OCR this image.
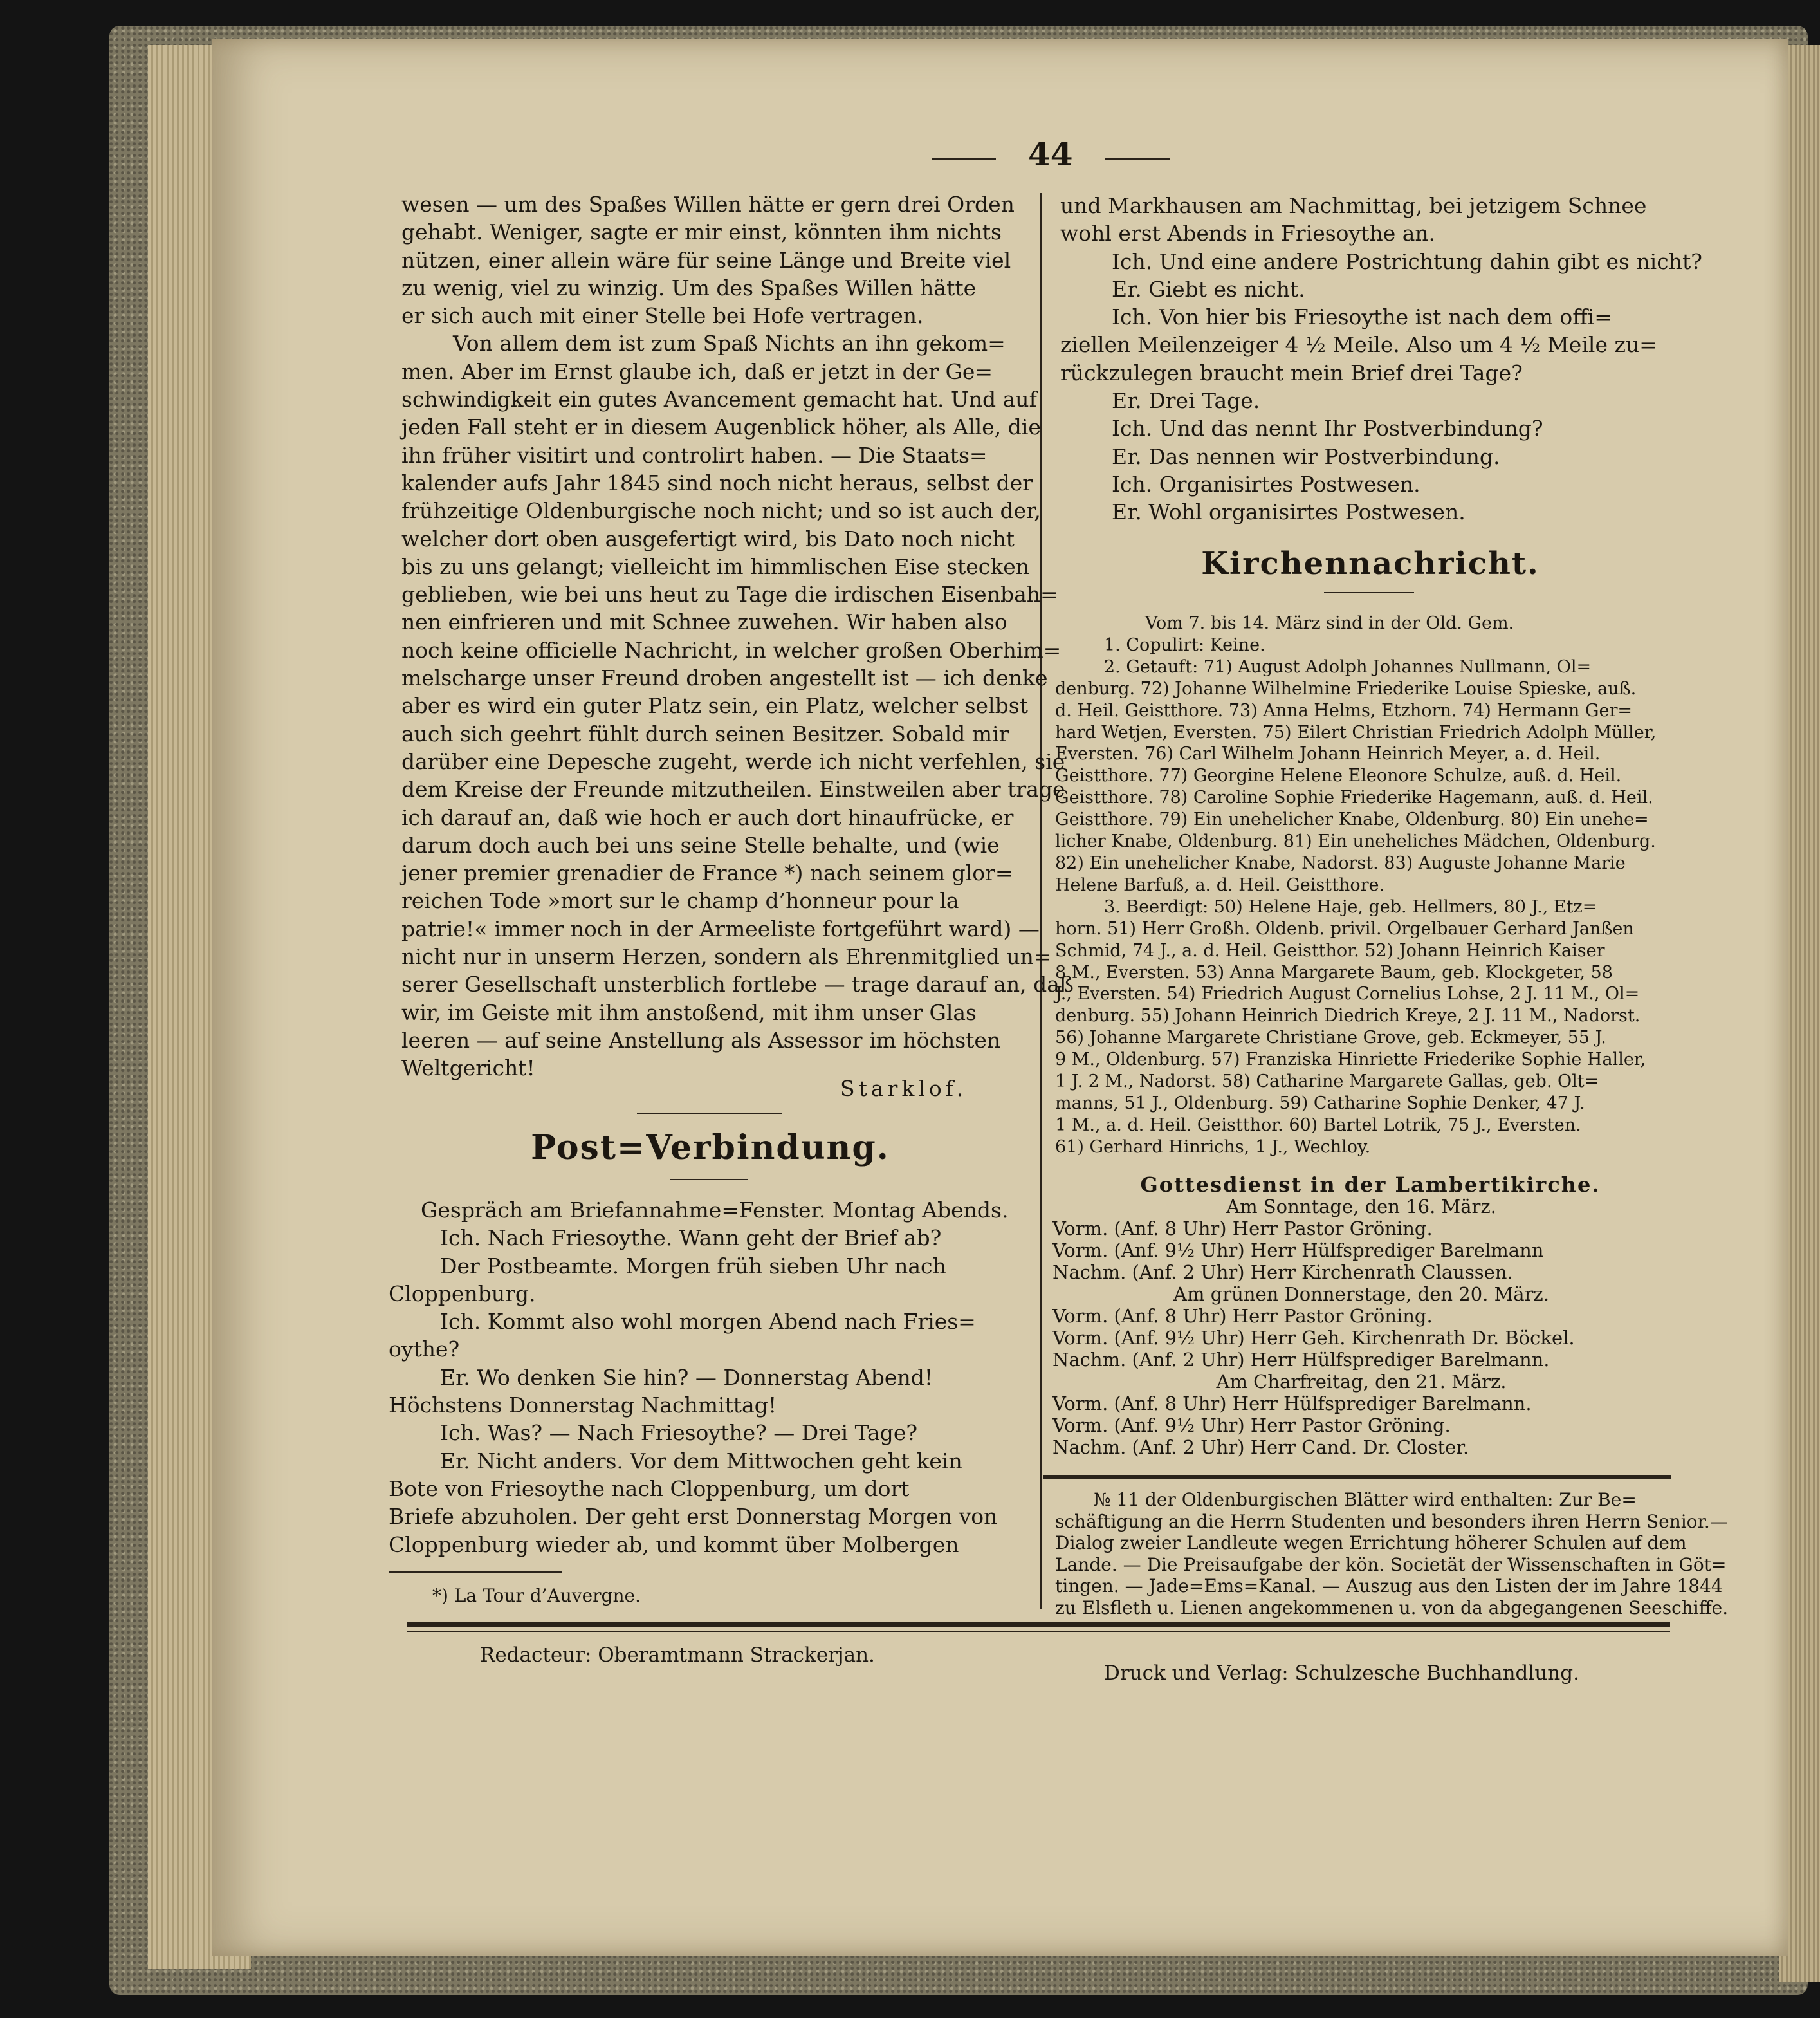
44

wesen — um des Spaßes Willen hätte er gern drei Orden

gehabt. Weniger, sagte er mir einst, könnten ihm nichts

nützen, einer allein wäre für seine Länge und Breite viel

zu wenig, viel zu winzig. Um des Spaßes Willen hätte

er sich auch mit einer Stelle bei Hofe vertragen.

Von allem dem ist zum Spaß Nichts an ihn gekom=

men. Aber im Ernst glaube ich, daß er jetzt in der Ge=

schwindigkeit ein gutes Avancement gemacht hat. Und auf

jeden Fall steht er in diesem Augenblick höher, als Alle, die

ihn früher visitirt und controlirt haben. — Die Staats=

kalender aufs Jahr 1845 sind noch nicht heraus, selbst der

frühzeitige Oldenburgische noch nicht; und so ist auch der,

welcher dort oben ausgefertigt wird, bis Dato noch nicht

bis zu uns gelangt; vielleicht im himmlischen Eise stecken

geblieben, wie bei uns heut zu Tage die irdischen Eisenbah=

nen einfrieren und mit Schnee zuwehen. Wir haben also

noch keine officielle Nachricht, in welcher großen Oberhim=

melscharge unser Freund droben angestellt ist — ich denke

aber es wird ein guter Platz sein, ein Platz, welcher selbst

auch sich geehrt fühlt durch seinen Besitzer. Sobald mir

darüber eine Depesche zugeht, werde ich nicht verfehlen, sie

dem Kreise der Freunde mitzutheilen. Einstweilen aber trage

ich darauf an, daß wie hoch er auch dort hinaufrücke, er

darum doch auch bei uns seine Stelle behalte, und (wie

jener premier grenadier de France *) nach seinem glor=

reichen Tode »mort sur le champ d’honneur pour la

patrie!« immer noch in der Armeeliste fortgeführt ward) —

nicht nur in unserm Herzen, sondern als Ehrenmitglied un=

serer Gesellschaft unsterblich fortlebe — trage darauf an, daß

wir, im Geiste mit ihm anstoßend, mit ihm unser Glas

leeren — auf seine Anstellung als Assessor im höchsten

Weltgericht!

Starklof.
Post=Verbindung.

Gespräch am Briefannahme=Fenster. Montag Abends.

Ich. Nach Friesoythe. Wann geht der Brief ab?

Der Postbeamte. Morgen früh sieben Uhr nach

Cloppenburg.

Ich. Kommt also wohl morgen Abend nach Fries=

oythe?

Er. Wo denken Sie hin? — Donnerstag Abend!

Höchstens Donnerstag Nachmittag!

Ich. Was? — Nach Friesoythe? — Drei Tage?

Er. Nicht anders. Vor dem Mittwochen geht kein

Bote von Friesoythe nach Cloppenburg, um dort

Briefe abzuholen. Der geht erst Donnerstag Morgen von

Cloppenburg wieder ab, und kommt über Molbergen

*) La Tour d’Auvergne.

und Markhausen am Nachmittag, bei jetzigem Schnee

wohl erst Abends in Friesoythe an.

Ich. Und eine andere Postrichtung dahin gibt es nicht?

Er. Giebt es nicht.

Ich. Von hier bis Friesoythe ist nach dem offi=

ziellen Meilenzeiger 4 ½ Meile. Also um 4 ½ Meile zu=

rückzulegen braucht mein Brief drei Tage?

Er. Drei Tage.

Ich. Und das nennt Ihr Postverbindung?

Er. Das nennen wir Postverbindung.

Ich. Organisirtes Postwesen.

Er. Wohl organisirtes Postwesen.

Kirchennachricht.

Vom 7. bis 14. März sind in der Old. Gem.

1. Copulirt: Keine.

2. Getauft: 71) August Adolph Johannes Nullmann, Ol=

denburg. 72) Johanne Wilhelmine Friederike Louise Spieske, auß.

d. Heil. Geistthore. 73) Anna Helms, Etzhorn. 74) Hermann Ger=

hard Wetjen, Eversten. 75) Eilert Christian Friedrich Adolph Müller,

Eversten. 76) Carl Wilhelm Johann Heinrich Meyer, a. d. Heil.

Geistthore. 77) Georgine Helene Eleonore Schulze, auß. d. Heil.

Geistthore. 78) Caroline Sophie Friederike Hagemann, auß. d. Heil.

Geistthore. 79) Ein unehelicher Knabe, Oldenburg. 80) Ein unehe=

licher Knabe, Oldenburg. 81) Ein uneheliches Mädchen, Oldenburg.

82) Ein unehelicher Knabe, Nadorst. 83) Auguste Johanne Marie

Helene Barfuß, a. d. Heil. Geistthore.

3. Beerdigt: 50) Helene Haje, geb. Hellmers, 80 J., Etz=

horn. 51) Herr Großh. Oldenb. privil. Orgelbauer Gerhard Janßen

Schmid, 74 J., a. d. Heil. Geistthor. 52) Johann Heinrich Kaiser

8 M., Eversten. 53) Anna Margarete Baum, geb. Klockgeter, 58

J., Eversten. 54) Friedrich August Cornelius Lohse, 2 J. 11 M., Ol=

denburg. 55) Johann Heinrich Diedrich Kreye, 2 J. 11 M., Nadorst.

56) Johanne Margarete Christiane Grove, geb. Eckmeyer, 55 J.

9 M., Oldenburg. 57) Franziska Hinriette Friederike Sophie Haller,

1 J. 2 M., Nadorst. 58) Catharine Margarete Gallas, geb. Olt=

manns, 51 J., Oldenburg. 59) Catharine Sophie Denker, 47 J.

1 M., a. d. Heil. Geistthor. 60) Bartel Lotrik, 75 J., Eversten.

61) Gerhard Hinrichs, 1 J., Wechloy.

Gottesdienst in der Lambertikirche.

Am Sonntage, den 16. März.

Vorm. (Anf. 8 Uhr) Herr Pastor Gröning.

Vorm. (Anf. 9½ Uhr) Herr Hülfsprediger Barelmann

Nachm. (Anf. 2 Uhr) Herr Kirchenrath Claussen.

Am grünen Donnerstage, den 20. März.

Vorm. (Anf. 8 Uhr) Herr Pastor Gröning.

Vorm. (Anf. 9½ Uhr) Herr Geh. Kirchenrath Dr. Böckel.

Nachm. (Anf. 2 Uhr) Herr Hülfsprediger Barelmann.

Am Charfreitag, den 21. März.

Vorm. (Anf. 8 Uhr) Herr Hülfsprediger Barelmann.

Vorm. (Anf. 9½ Uhr) Herr Pastor Gröning.

Nachm. (Anf. 2 Uhr) Herr Cand. Dr. Closter.

№ 11 der Oldenburgischen Blätter wird enthalten: Zur Be=

schäftigung an die Herrn Studenten und besonders ihren Herrn Senior.—

Dialog zweier Landleute wegen Errichtung höherer Schulen auf dem

Lande. — Die Preisaufgabe der kön. Societät der Wissenschaften in Göt=

tingen. — Jade=Ems=Kanal. — Auszug aus den Listen der im Jahre 1844

zu Elsfleth u. Lienen angekommenen u. von da abgegangenen Seeschiffe.

Redacteur: Oberamtmann Strackerjan.
Druck und Verlag: Schulzesche Buchhandlung.
